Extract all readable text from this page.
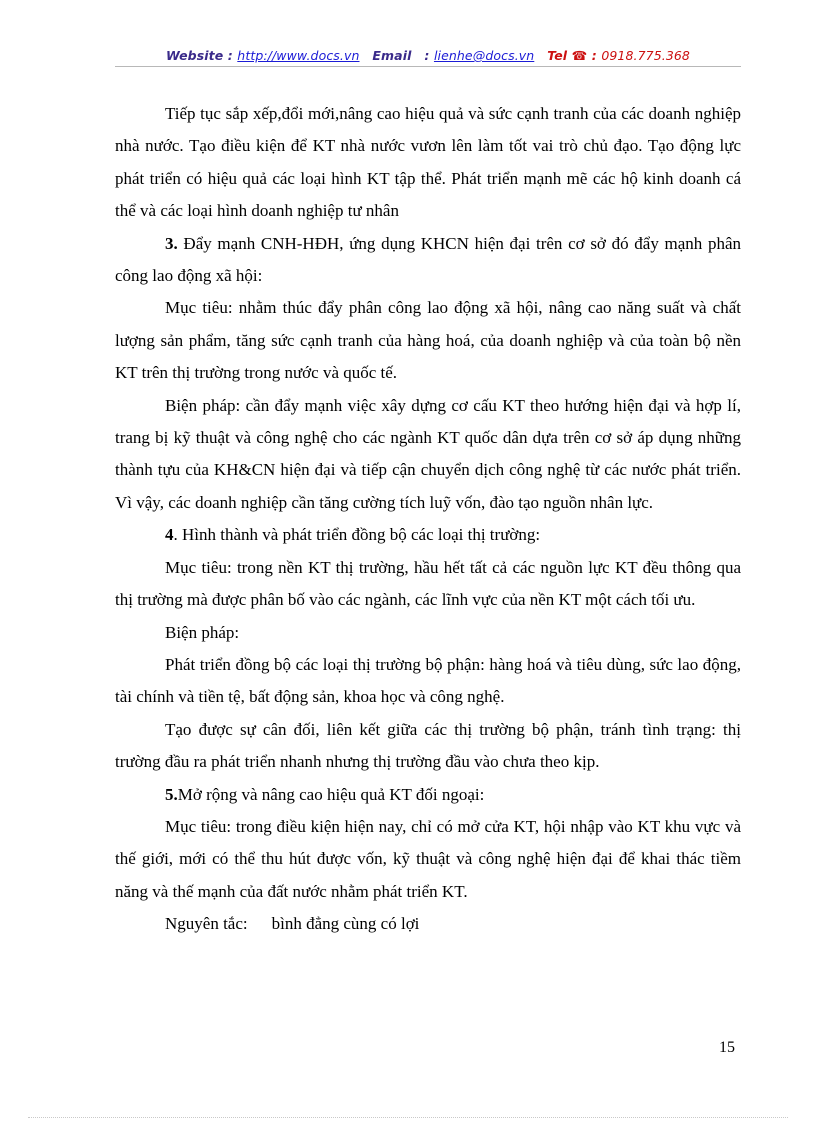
Website : http://www.docs.vn Email : lienhe@docs.vn Tel ☎ : 0918.775.368

Tiếp tục sắp xếp,đổi mới,nâng cao hiệu quả và sức cạnh tranh của các doanh nghiệp nhà nước. Tạo điều kiện để KT nhà nước vươn lên làm tốt vai trò chủ đạo. Tạo động lực phát triển có hiệu quả các loại hình KT tập thể. Phát triển mạnh mẽ các hộ kinh doanh cá thể và các loại hình doanh nghiệp tư nhân

3. Đẩy mạnh CNH-HĐH, ứng dụng KHCN hiện đại trên cơ sở đó đẩy mạnh phân công lao động xã hội:

Mục tiêu: nhằm thúc đẩy phân công lao động xã hội, nâng cao năng suất và chất lượng sản phẩm, tăng sức cạnh tranh của hàng hoá, của doanh nghiệp và của toàn bộ nền KT trên thị trường trong nước và quốc tế.

Biện pháp: cần đẩy mạnh việc xây dựng cơ cấu KT theo hướng hiện đại và hợp lí, trang bị kỹ thuật và công nghệ cho các ngành KT quốc dân dựa trên cơ sở áp dụng những thành tựu của KH&CN hiện đại và tiếp cận chuyển dịch công nghệ từ các nước phát triển. Vì vậy, các doanh nghiệp cần tăng cường tích luỹ vốn, đào tạo nguồn nhân lực.

4. Hình thành và phát triển đồng bộ các loại thị trường:

Mục tiêu: trong nền KT thị trường, hầu hết tất cả các nguồn lực KT đều thông qua thị trường mà được phân bố vào các ngành, các lĩnh vực của nền KT một cách tối ưu.

Biện pháp:

Phát triển đồng bộ các loại thị trường bộ phận: hàng hoá và tiêu dùng, sức lao động, tài chính và tiền tệ, bất động sản, khoa học và công nghệ.

Tạo được sự cân đối, liên kết giữa các thị trường bộ phận, tránh tình trạng: thị trường đầu ra phát triển nhanh nhưng thị trường đầu vào chưa theo kịp.

5.Mở rộng và nâng cao hiệu quả KT đối ngoại:

Mục tiêu: trong điều kiện hiện nay, chỉ có mở cửa KT, hội nhập vào KT khu vực và thế giới, mới có thể thu hút được vốn, kỹ thuật và công nghệ hiện đại để khai thác tiềm năng và thế mạnh của đất nước nhằm phát triển KT.

Nguyên tắc: bình đẳng cùng có lợi

15
